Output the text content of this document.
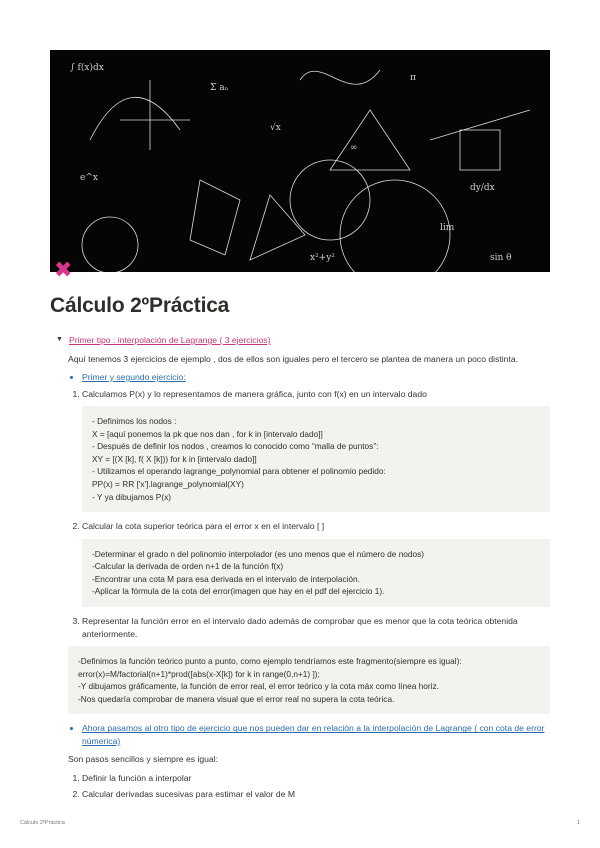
∫ f(x)dx
Σ aₙ
√x
π
dy/dx
e^x
lim
x²+y²	sin θ
∞
✖
Cálculo 2ºPráctica
▼ Primer tipo : interpolación de Lagrange ( 3 ejercicios)

Aquí tenemos 3 ejercicios de ejemplo , dos de ellos son iguales pero el tercero se plantea de manera un poco distinta.

• Primer y segundo ejercicio:
1. Calculamos P(x) y lo representamos de manera gráfica, junto con f(x) en un intervalo dado
- Definimos los nodos :
X = [aquí ponemos la pk que nos dan , for k in [intervalo dado]]
- Después de definir los nodos , creamos lo conocido como “malla de puntos”:
XY = [(X [k], f( X [k])) for k in [intervalo dado]]
- Utilizamos el operando lagrange_polynomial para obtener el polinomio pedido:
PP(x) = RR ['x'].lagrange_polynomial(XY)
- Y ya dibujamos P(x)
2. Calcular la cota superior teórica para el error x en el intervalo [ ]
-Determinar el grado n del polinomio interpolador (es uno menos que el número de nodos)
-Calcular la derivada de orden n+1 de la función f(x)
-Encontrar una cota M para esa derivada en el intervalo de interpolación.
-Aplicar la fórmula de la cota del error(imagen que hay en el pdf del ejercicio 1).
3. Representar la función error en el intervalo dado además de comprobar que es menor que la cota teórica obtenida anteriormente.
-Definimos la función teórico punto a punto, como ejemplo tendríamos este fragmento(siempre es igual):
error(x)=M/factorial(n+1)*prod([abs(x-X[k]) for k in range(0,n+1) ]);
-Y dibujamos gráficamente, la función de error real, el error teórico y la cota máx como línea horiz.
-Nos quedaría comprobar de manera visual que el error real no supera la cota teórica.
• Ahora pasamos al otro tipo de ejercicio que nos pueden dar en relación a la interpolación de Lagrange ( con cota de error númerica)

Son pasos sencillos y siempre es igual:

1. Definir la función a interpolar
2. Calcular derivadas sucesivas para estimar el valor de M
Cálculo 2ºPráctica	1
